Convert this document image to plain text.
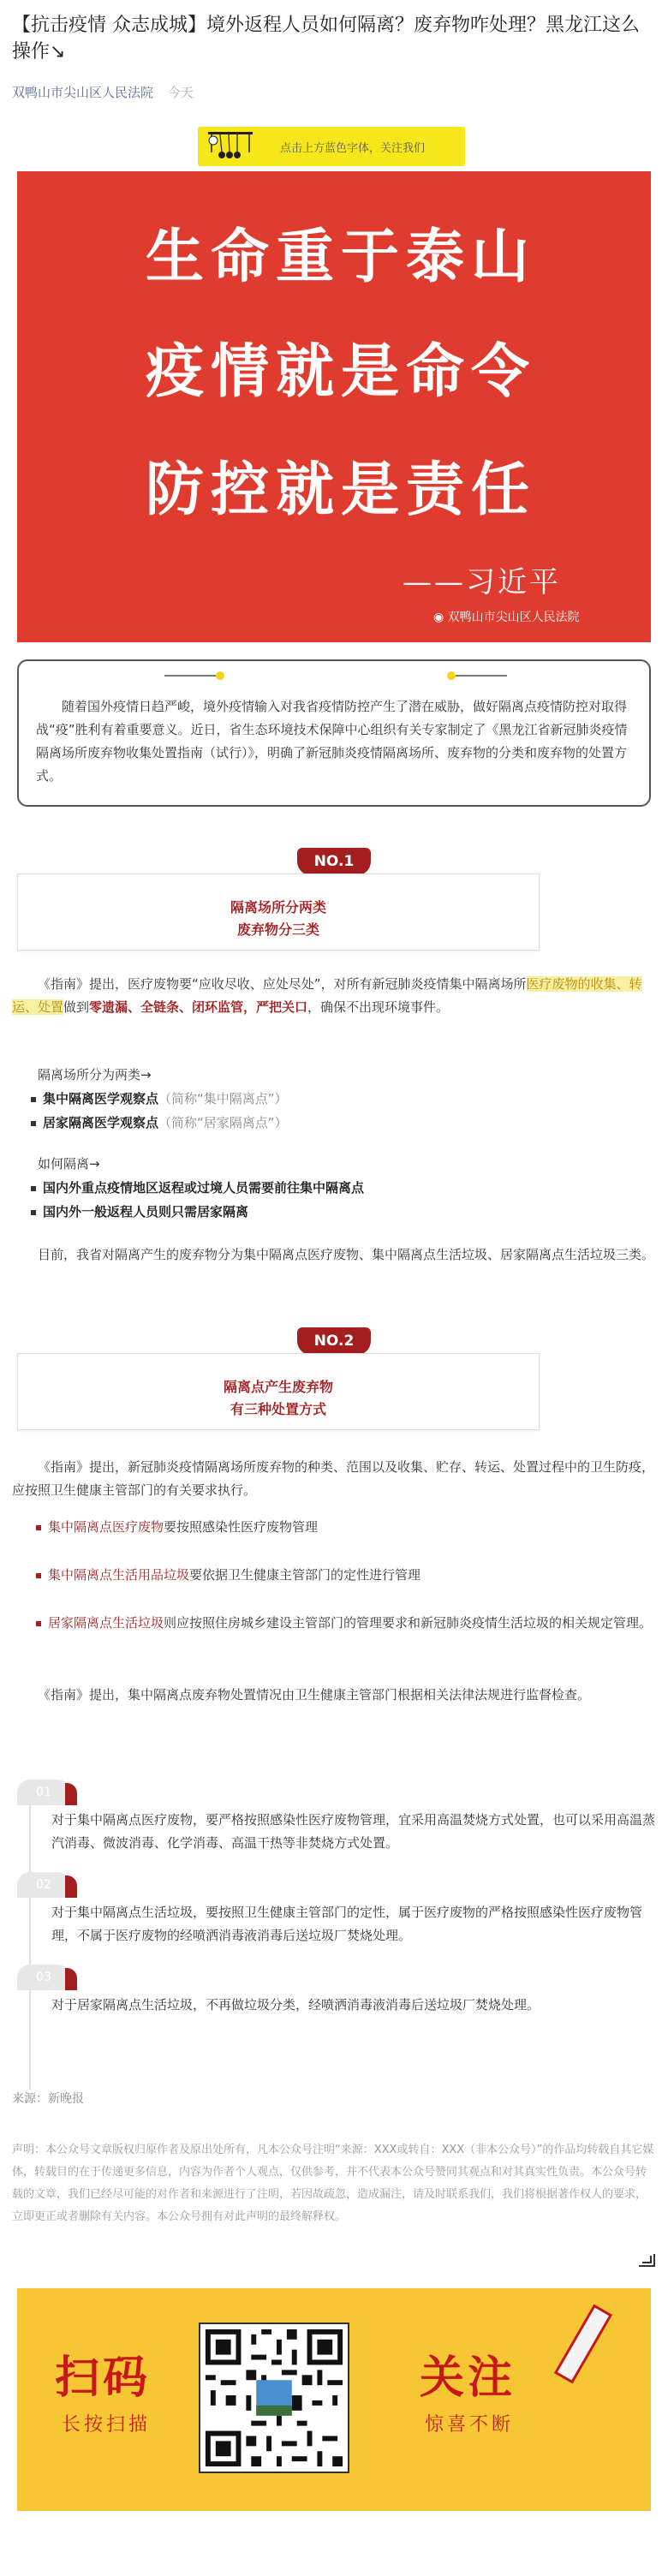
【抗击疫情 众志成城】境外返程人员如何隔离？废弃物咋处理？黑龙江这么操作↘
双鸭山市尖山区人民法院 今天
点击上方蓝色字体，关注我们
生命重于泰山
疫情就是命令
防控就是责任
——习近平
◉ 双鸭山市尖山区人民法院
随着国外疫情日趋严峻，境外疫情输入对我省疫情防控产生了潜在威胁，做好隔离点疫情防控对取得战“疫”胜利有着重要意义。近日，省生态环境技术保障中心组织有关专家制定了《黑龙江省新冠肺炎疫情隔离场所废弃物收集处置指南（试行）》，明确了新冠肺炎疫情隔离场所、废弃物的分类和废弃物的处置方式。
NO.1
隔离场所分两类
废弃物分三类
《指南》提出，医疗废物要“应收尽收、应处尽处”，对所有新冠肺炎疫情集中隔离场所医疗废物的收集、转运、处置做到零遗漏、全链条、闭环监管，严把关口，确保不出现环境事件。
隔离场所分为两类→
集中隔离医学观察点（简称“集中隔离点”）
居家隔离医学观察点（简称“居家隔离点”）
如何隔离→
国内外重点疫情地区返程或过境人员需要前往集中隔离点
国内外一般返程人员则只需居家隔离
目前，我省对隔离产生的废弃物分为集中隔离点医疗废物、集中隔离点生活垃圾、居家隔离点生活垃圾三类。
NO.2
隔离点产生废弃物
有三种处置方式
《指南》提出，新冠肺炎疫情隔离场所废弃物的种类、范围以及收集、贮存、转运、处置过程中的卫生防疫，应按照卫生健康主管部门的有关要求执行。
集中隔离点医疗废物要按照感染性医疗废物管理
集中隔离点生活用品垃圾要依据卫生健康主管部门的定性进行管理
居家隔离点生活垃圾则应按照住房城乡建设主管部门的管理要求和新冠肺炎疫情生活垃圾的相关规定管理。
《指南》提出，集中隔离点废弃物处置情况由卫生健康主管部门根据相关法律法规进行监督检查。
01
对于集中隔离点医疗废物，要严格按照感染性医疗废物管理，宜采用高温焚烧方式处置，也可以采用高温蒸汽消毒、微波消毒、化学消毒、高温干热等非焚烧方式处置。
02
对于集中隔离点生活垃圾，要按照卫生健康主管部门的定性，属于医疗废物的严格按照感染性医疗废物管理，不属于医疗废物的经喷洒消毒液消毒后送垃圾厂焚烧处理。
03
对于居家隔离点生活垃圾，不再做垃圾分类，经喷洒消毒液消毒后送垃圾厂焚烧处理。
来源：新晚报
声明：本公众号文章版权归原作者及原出处所有，凡本公众号注明“来源：XXX或转自：XXX（非本公众号）”的作品均转载自其它媒体，转载目的在于传递更多信息，内容为作者个人观点，仅供参考，并不代表本公众号赞同其观点和对其真实性负责。本公众号转载的文章，我们已经尽可能的对作者和来源进行了注明，若因故疏忽，造成漏注，请及时联系我们，我们将根据著作权人的要求，立即更正或者删除有关内容。本公众号拥有对此声明的最终解释权。
扫码
长按扫描
关注
惊喜不断
